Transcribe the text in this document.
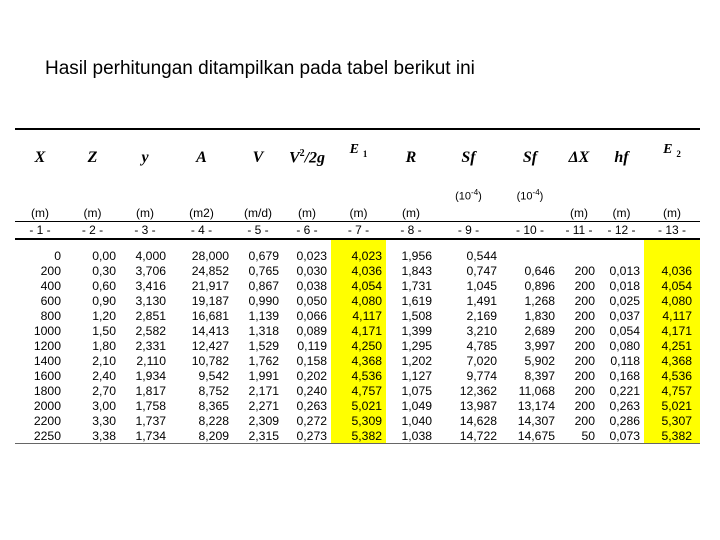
Hasil perhitungan ditampilkan pada tabel berikut ini
X	Z	y	A	V	$V^2/2g$	E $_1$	R	Sf	Sf	ΔX	hf	E $_2$
								$(10^{-4})$	$(10^{-4})$			
(m)	(m)	(m)	(m2)	(m/d)	(m)	(m)	(m)			(m)	(m)	(m)
- 1 -	- 2 -	- 3 -	- 4 -	- 5 -	- 6 -	- 7 -	- 8 -	- 9 -	- 10 -	- 11 -	- 12 -	- 13 -

0	0,00	4,000	28,000	0,679	0,023	4,023	1,956	0,544				
200	0,30	3,706	24,852	0,765	0,030	4,036	1,843	0,747	0,646	200	0,013	4,036
400	0,60	3,416	21,917	0,867	0,038	4,054	1,731	1,045	0,896	200	0,018	4,054
600	0,90	3,130	19,187	0,990	0,050	4,080	1,619	1,491	1,268	200	0,025	4,080
800	1,20	2,851	16,681	1,139	0,066	4,117	1,508	2,169	1,830	200	0,037	4,117
1000	1,50	2,582	14,413	1,318	0,089	4,171	1,399	3,210	2,689	200	0,054	4,171
1200	1,80	2,331	12,427	1,529	0,119	4,250	1,295	4,785	3,997	200	0,080	4,251
1400	2,10	2,110	10,782	1,762	0,158	4,368	1,202	7,020	5,902	200	0,118	4,368
1600	2,40	1,934	9,542	1,991	0,202	4,536	1,127	9,774	8,397	200	0,168	4,536
1800	2,70	1,817	8,752	2,171	0,240	4,757	1,075	12,362	11,068	200	0,221	4,757
2000	3,00	1,758	8,365	2,271	0,263	5,021	1,049	13,987	13,174	200	0,263	5,021
2200	3,30	1,737	8,228	2,309	0,272	5,309	1,040	14,628	14,307	200	0,286	5,307
2250	3,38	1,734	8,209	2,315	0,273	5,382	1,038	14,722	14,675	50	0,073	5,382
